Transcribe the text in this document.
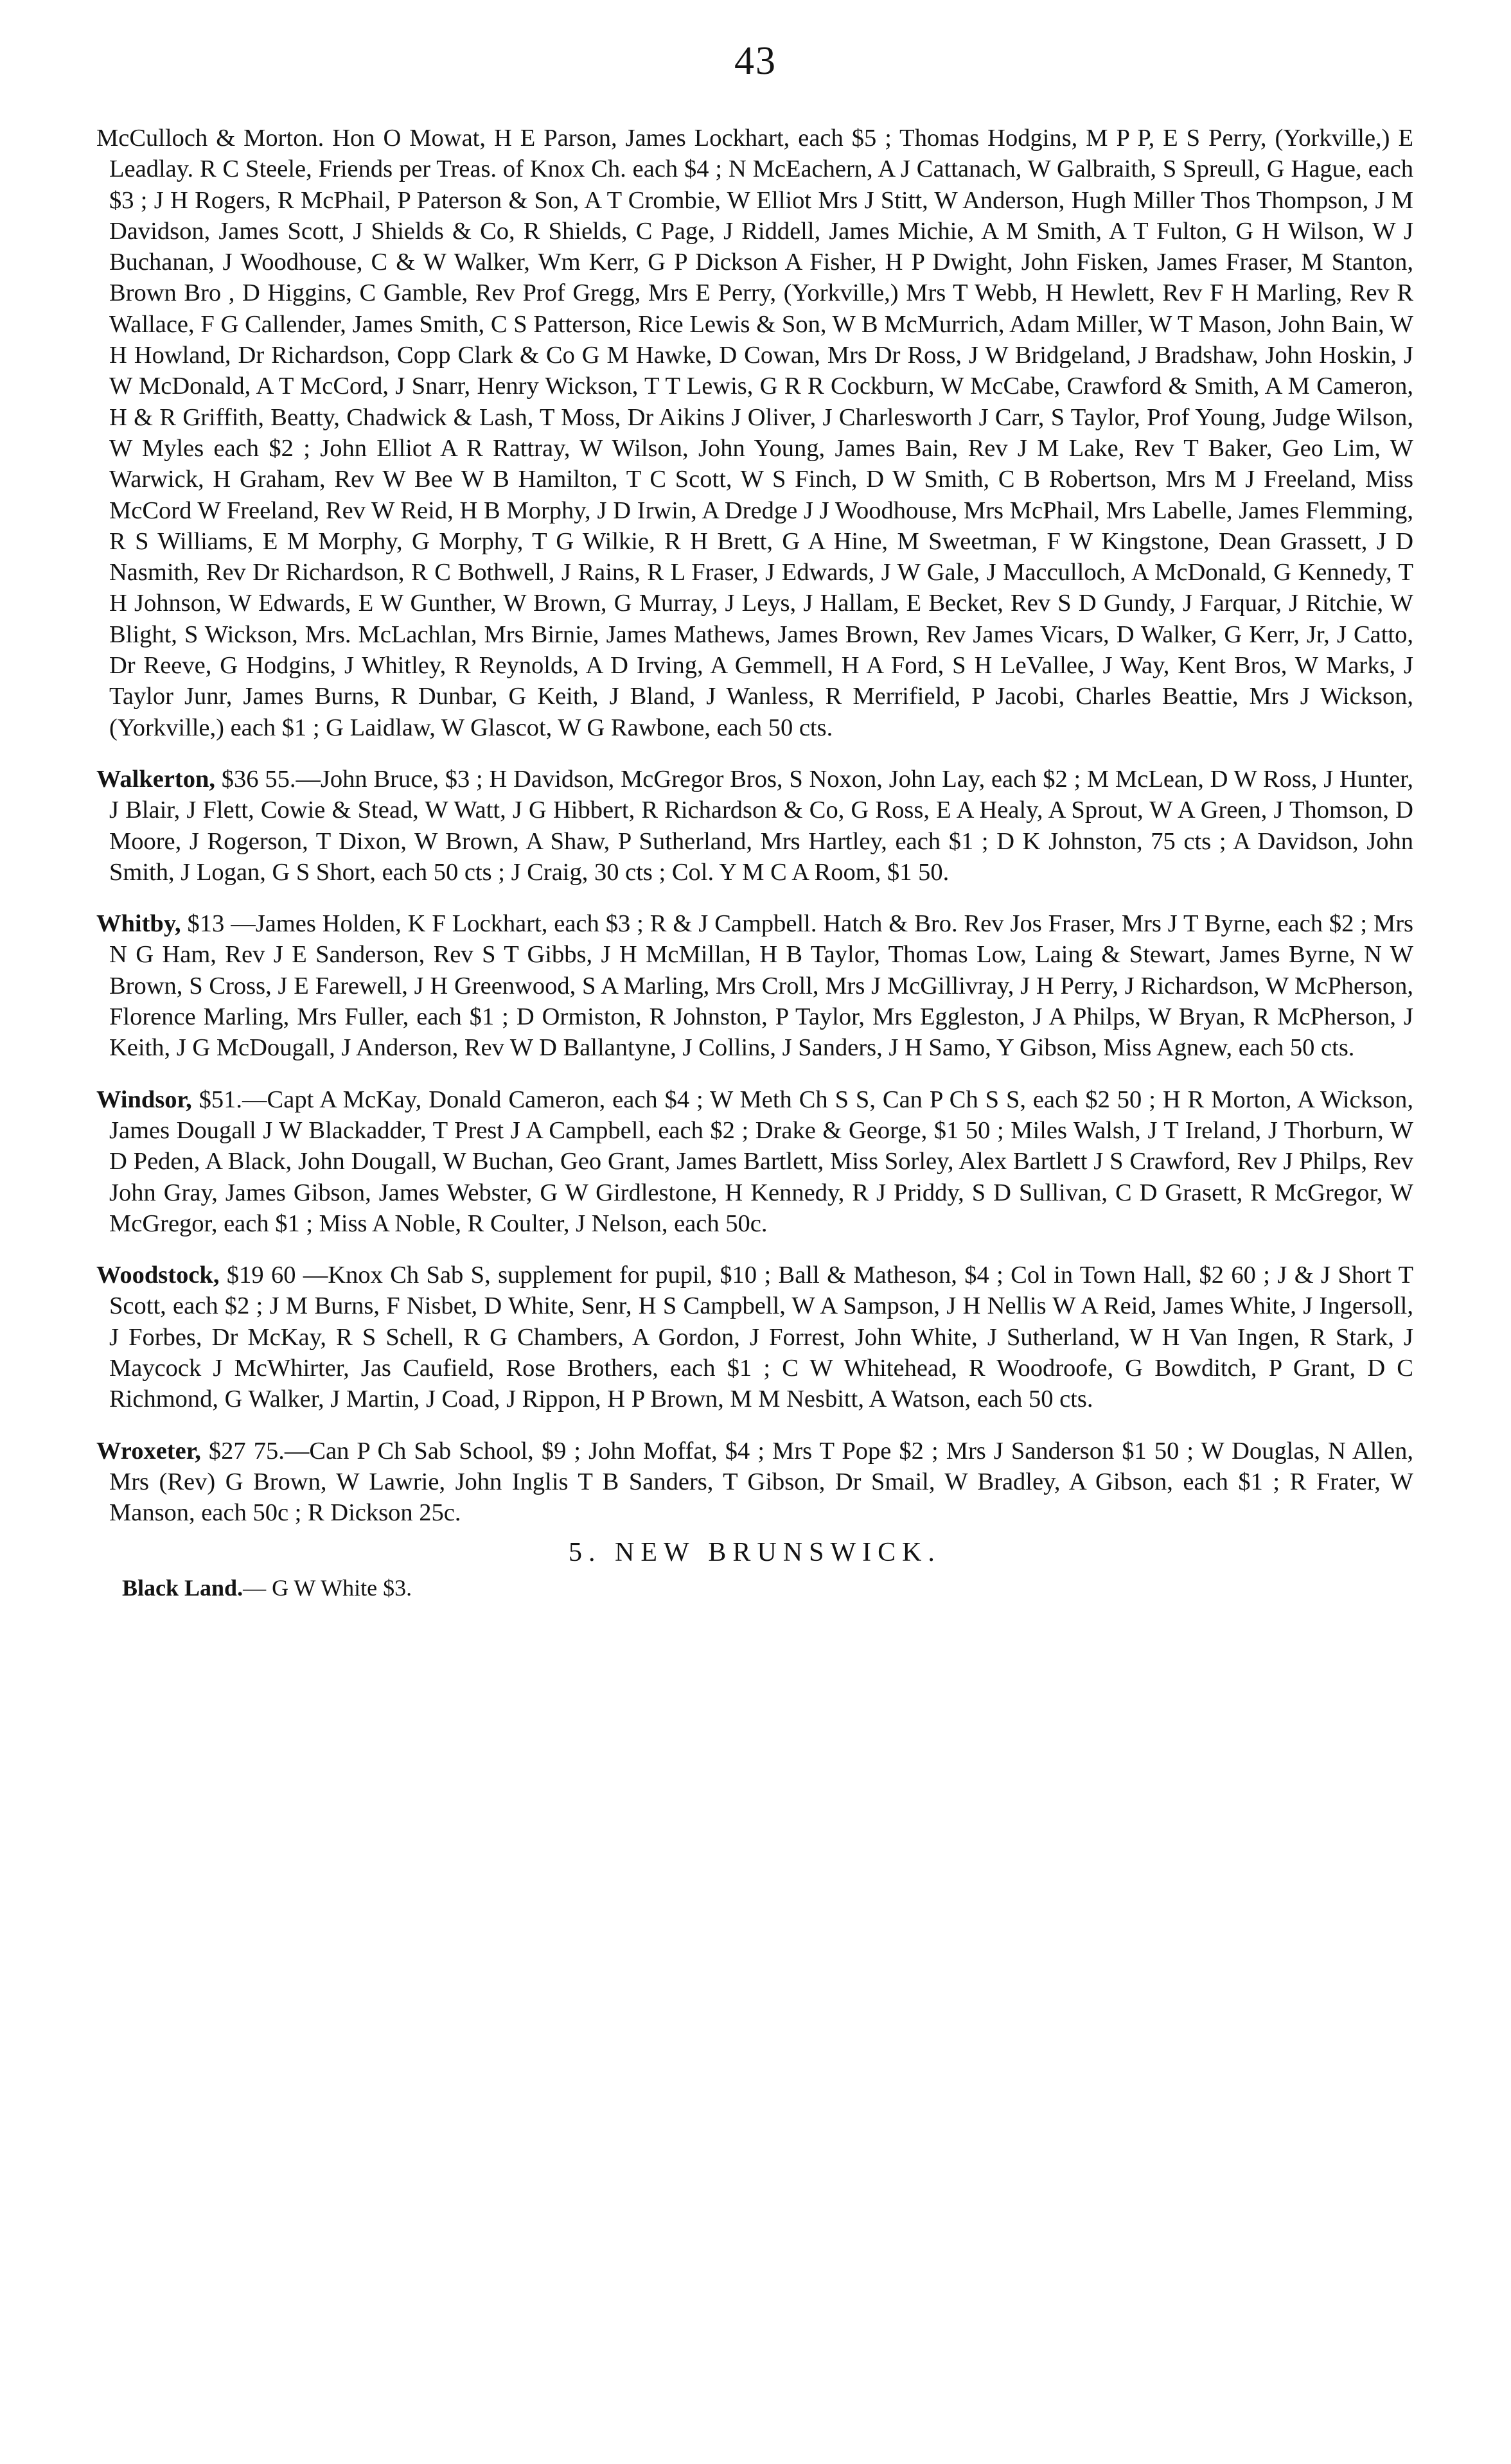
43

McCulloch & Morton. Hon O Mowat, H E Parson, James Lockhart, each $5 ; Thomas Hodgins, M P P, E S Perry, (Yorkville,) E Leadlay. R C Steele, Friends per Treas. of Knox Ch. each $4 ; N McEachern, A J Cattanach, W Galbraith, S Spreull, G Hague, each $3 ; J H Rogers, R McPhail, P Paterson & Son, A T Crombie, W Elliot Mrs J Stitt, W Anderson, Hugh Miller Thos Thompson, J M Davidson, James Scott, J Shields & Co, R Shields, C Page, J Riddell, James Michie, A M Smith, A T Fulton, G H Wilson, W J Buchanan, J Woodhouse, C & W Walker, Wm Kerr, G P Dickson A Fisher, H P Dwight, John Fisken, James Fraser, M Stanton, Brown Bro , D Higgins, C Gamble, Rev Prof Gregg, Mrs E Perry, (Yorkville,) Mrs T Webb, H Hewlett, Rev F H Marling, Rev R Wallace, F G Callender, James Smith, C S Patterson, Rice Lewis & Son, W B McMurrich, Adam Miller, W T Mason, John Bain, W H Howland, Dr Richardson, Copp Clark & Co G M Hawke, D Cowan, Mrs Dr Ross, J W Bridgeland, J Bradshaw, John Hoskin, J W McDonald, A T McCord, J Snarr, Henry Wickson, T T Lewis, G R R Cockburn, W McCabe, Crawford & Smith, A M Cameron, H & R Griffith, Beatty, Chadwick & Lash, T Moss, Dr Aikins J Oliver, J Charlesworth J Carr, S Taylor, Prof Young, Judge Wilson, W Myles each $2 ; John Elliot A R Rattray, W Wilson, John Young, James Bain, Rev J M Lake, Rev T Baker, Geo Lim, W Warwick, H Graham, Rev W Bee W B Hamilton, T C Scott, W S Finch, D W Smith, C B Robertson, Mrs M J Freeland, Miss McCord W Freeland, Rev W Reid, H B Morphy, J D Irwin, A Dredge J J Woodhouse, Mrs McPhail, Mrs Labelle, James Flemming, R S Williams, E M Morphy, G Morphy, T G Wilkie, R H Brett, G A Hine, M Sweetman, F W Kingstone, Dean Grassett, J D Nasmith, Rev Dr Richardson, R C Bothwell, J Rains, R L Fraser, J Edwards, J W Gale, J Macculloch, A McDonald, G Kennedy, T H Johnson, W Edwards, E W Gunther, W Brown, G Murray, J Leys, J Hallam, E Becket, Rev S D Gundy, J Farquar, J Ritchie, W Blight, S Wickson, Mrs. McLachlan, Mrs Birnie, James Mathews, James Brown, Rev James Vicars, D Walker, G Kerr, Jr, J Catto, Dr Reeve, G Hodgins, J Whitley, R Reynolds, A D Irving, A Gemmell, H A Ford, S H LeVallee, J Way, Kent Bros, W Marks, J Taylor Junr, James Burns, R Dunbar, G Keith, J Bland, J Wanless, R Merrifield, P Jacobi, Charles Beattie, Mrs J Wickson, (Yorkville,) each $1 ; G Laidlaw, W Glascot, W G Rawbone, each 50 cts.

Walkerton, $36 55.—John Bruce, $3 ; H Davidson, McGregor Bros, S Noxon, John Lay, each $2 ; M McLean, D W Ross, J Hunter, J Blair, J Flett, Cowie & Stead, W Watt, J G Hibbert, R Richardson & Co, G Ross, E A Healy, A Sprout, W A Green, J Thomson, D Moore, J Rogerson, T Dixon, W Brown, A Shaw, P Sutherland, Mrs Hartley, each $1 ; D K Johnston, 75 cts ; A Davidson, John Smith, J Logan, G S Short, each 50 cts ; J Craig, 30 cts ; Col. Y M C A Room, $1 50.

Whitby, $13 —James Holden, K F Lockhart, each $3 ; R & J Campbell. Hatch & Bro. Rev Jos Fraser, Mrs J T Byrne, each $2 ; Mrs N G Ham, Rev J E Sanderson, Rev S T Gibbs, J H McMillan, H B Taylor, Thomas Low, Laing & Stewart, James Byrne, N W Brown, S Cross, J E Farewell, J H Greenwood, S A Marling, Mrs Croll, Mrs J McGillivray, J H Perry, J Richardson, W McPherson, Florence Marling, Mrs Fuller, each $1 ; D Ormiston, R Johnston, P Taylor, Mrs Eggleston, J A Philps, W Bryan, R McPherson, J Keith, J G McDougall, J Anderson, Rev W D Ballantyne, J Collins, J Sanders, J H Samo, Y Gibson, Miss Agnew, each 50 cts.

Windsor, $51.—Capt A McKay, Donald Cameron, each $4 ; W Meth Ch S S, Can P Ch S S, each $2 50 ; H R Morton, A Wickson, James Dougall J W Blackadder, T Prest J A Campbell, each $2 ; Drake & George, $1 50 ; Miles Walsh, J T Ireland, J Thorburn, W D Peden, A Black, John Dougall, W Buchan, Geo Grant, James Bartlett, Miss Sorley, Alex Bartlett J S Crawford, Rev J Philps, Rev John Gray, James Gibson, James Webster, G W Girdlestone, H Kennedy, R J Priddy, S D Sullivan, C D Grasett, R McGregor, W McGregor, each $1 ; Miss A Noble, R Coulter, J Nelson, each 50c.

Woodstock, $19 60 —Knox Ch Sab S, supplement for pupil, $10 ; Ball & Matheson, $4 ; Col in Town Hall, $2 60 ; J & J Short T Scott, each $2 ; J M Burns, F Nisbet, D White, Senr, H S Campbell, W A Sampson, J H Nellis W A Reid, James White, J Ingersoll, J Forbes, Dr McKay, R S Schell, R G Chambers, A Gordon, J Forrest, John White, J Sutherland, W H Van Ingen, R Stark, J Maycock J McWhirter, Jas Caufield, Rose Brothers, each $1 ; C W Whitehead, R Woodroofe, G Bowditch, P Grant, D C Richmond, G Walker, J Martin, J Coad, J Rippon, H P Brown, M M Nesbitt, A Watson, each 50 cts.

Wroxeter, $27 75.—Can P Ch Sab School, $9 ; John Moffat, $4 ; Mrs T Pope $2 ; Mrs J Sanderson $1 50 ; W Douglas, N Allen, Mrs (Rev) G Brown, W Lawrie, John Inglis T B Sanders, T Gibson, Dr Smail, W Bradley, A Gibson, each $1 ; R Frater, W Manson, each 50c ; R Dickson 25c.

5. NEW BRUNSWICK.
Black Land.— G W White $3.
